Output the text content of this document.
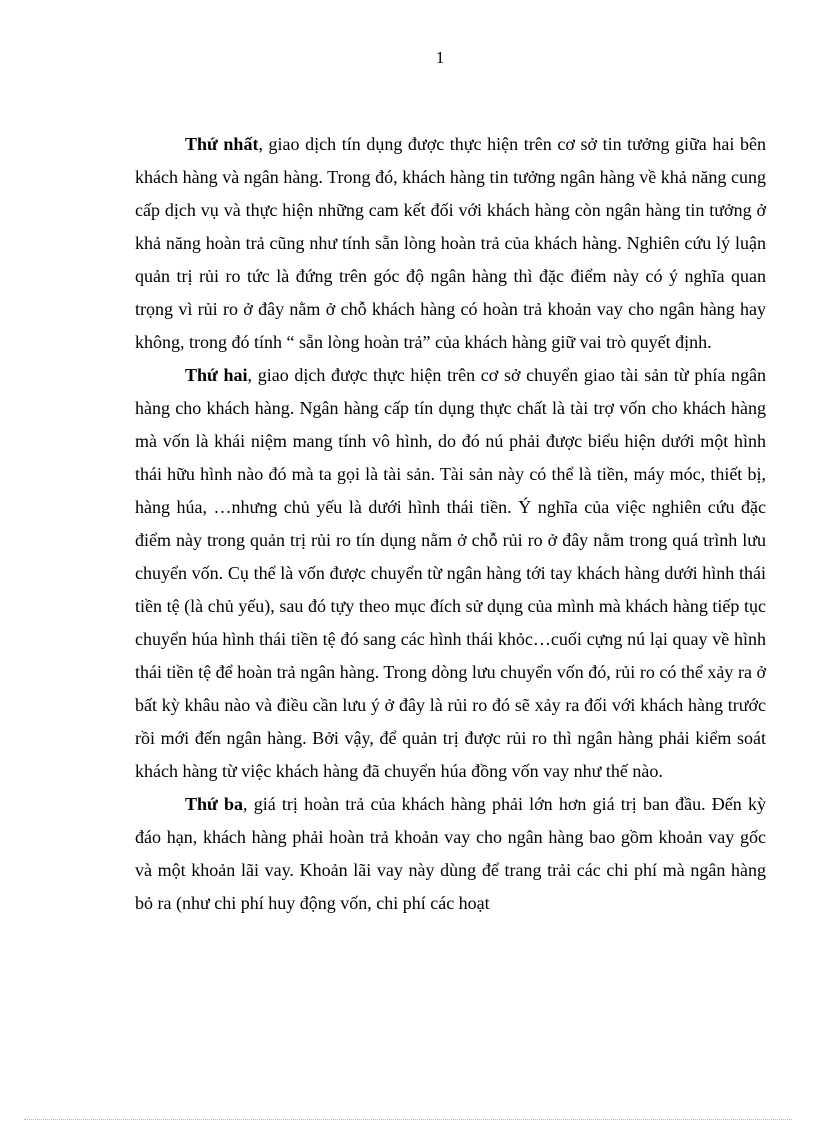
1

Thứ nhất, giao dịch tín dụng được thực hiện trên cơ sở tin tưởng giữa hai bên khách hàng và ngân hàng. Trong đó, khách hàng tin tưởng ngân hàng về khả năng cung cấp dịch vụ và thực hiện những cam kết đối với khách hàng còn ngân hàng tin tưởng ở khả năng hoàn trả cũng như tính sẵn lòng hoàn trả của khách hàng. Nghiên cứu lý luận quản trị rủi ro tức là đứng trên góc độ ngân hàng thì đặc điểm này có ý nghĩa quan trọng vì rủi ro ở đây nằm ở chỗ khách hàng có hoàn trả khoản vay cho ngân hàng hay không, trong đó tính “ sẵn lòng hoàn trả” của khách hàng giữ vai trò quyết định.

Thứ hai, giao dịch được thực hiện trên cơ sở chuyển giao tài sản từ phía ngân hàng cho khách hàng. Ngân hàng cấp tín dụng thực chất là tài trợ vốn cho khách hàng mà vốn là khái niệm mang tính vô hình, do đó nú phải được biểu hiện dưới một hình thái hữu hình nào đó mà ta gọi là tài sản. Tài sản này có thể là tiền, máy móc, thiết bị, hàng húa, …nhưng chủ yếu là dưới hình thái tiền. Ý nghĩa của việc nghiên cứu đặc điểm này trong quản trị rủi ro tín dụng nằm ở chỗ rủi ro ở đây nằm trong quá trình lưu chuyển vốn. Cụ thể là vốn được chuyển từ ngân hàng tới tay khách hàng dưới hình thái tiền tệ (là chủ yếu), sau đó tựy theo mục đích sử dụng của mình mà khách hàng tiếp tục chuyển húa hình thái tiền tệ đó sang các hình thái khỏc…cuối cựng nú lại quay về hình thái tiền tệ để hoàn trả ngân hàng. Trong dòng lưu chuyển vốn đó, rủi ro có thể xảy ra ở bất kỳ khâu nào và điều cần lưu ý ở đây là rủi ro đó sẽ xảy ra đối với khách hàng trước rồi mới đến ngân hàng. Bởi vậy, để quản trị được rủi ro thì ngân hàng phải kiểm soát khách hàng từ việc khách hàng đã chuyển húa đồng vốn vay như thế nào.

Thứ ba, giá trị hoàn trả của khách hàng phải lớn hơn giá trị ban đầu. Đến kỳ đáo hạn, khách hàng phải hoàn trả khoản vay cho ngân hàng bao gồm khoản vay gốc và một khoản lãi vay. Khoản lãi vay này dùng để trang trải các chi phí mà ngân hàng bỏ ra (như chi phí huy động vốn, chi phí các hoạt
